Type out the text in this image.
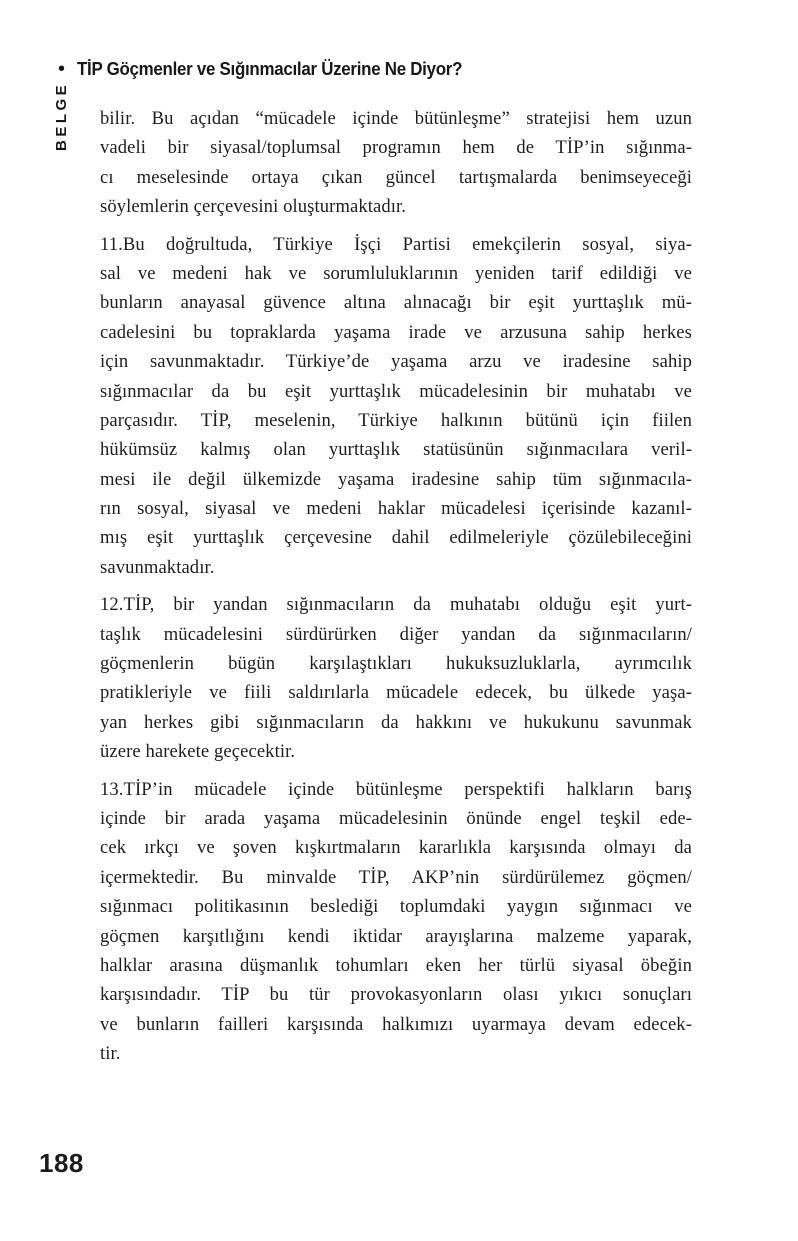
• TİP Göçmenler ve Sığınmacılar Üzerine Ne Diyor?
BELGE bilir. Bu açıdan “mücadele içinde bütünleşme” stratejisi hem uzun
vadeli bir siyasal/toplumsal programın hem de TİP’in sığınma-
cı meselesinde ortaya çıkan güncel tartışmalarda benimseyeceği
söylemlerin çerçevesini oluşturmaktadır.
11.Bu doğrultuda, Türkiye İşçi Partisi emekçilerin sosyal, siya-
sal ve medeni hak ve sorumluluklarının yeniden tarif edildiği ve
bunların anayasal güvence altına alınacağı bir eşit yurttaşlık mü-
cadelesini bu topraklarda yaşama irade ve arzusuna sahip herkes
için savunmaktadır. Türkiye’de yaşama arzu ve iradesine sahip
sığınmacılar da bu eşit yurttaşlık mücadelesinin bir muhatabı ve
parçasıdır. TİP, meselenin, Türkiye halkının bütünü için fiilen
hükümsüz kalmış olan yurttaşlık statüsünün sığınmacılara veril-
mesi ile değil ülkemizde yaşama iradesine sahip tüm sığınmacıla-
rın sosyal, siyasal ve medeni haklar mücadelesi içerisinde kazanıl-
mış eşit yurttaşlık çerçevesine dahil edilmeleriyle çözülebileceğini
savunmaktadır.
12.TİP, bir yandan sığınmacıların da muhatabı olduğu eşit yurt-
taşlık mücadelesini sürdürürken diğer yandan da sığınmacıların/
göçmenlerin bügün karşılaştıkları hukuksuzluklarla, ayrımcılık
pratikleriyle ve fiili saldırılarla mücadele edecek, bu ülkede yaşa-
yan herkes gibi sığınmacıların da hakkını ve hukukunu savunmak
üzere harekete geçecektir.
13.TİP’in mücadele içinde bütünleşme perspektifi halkların barış
içinde bir arada yaşama mücadelesinin önünde engel teşkil ede-
cek ırkçı ve şoven kışkırtmaların kararlıkla karşısında olmayı da
içermektedir. Bu minvalde TİP, AKP’nin sürdürülemez göçmen/
sığınmacı politikasının beslediği toplumdaki yaygın sığınmacı ve
göçmen karşıtlığını kendi iktidar arayışlarına malzeme yaparak,
halklar arasına düşmanlık tohumları eken her türlü siyasal öbeğin
karşısındadır. TİP bu tür provokasyonların olası yıkıcı sonuçları
ve bunların failleri karşısında halkımızı uyarmaya devam edecek-
tir.
188
